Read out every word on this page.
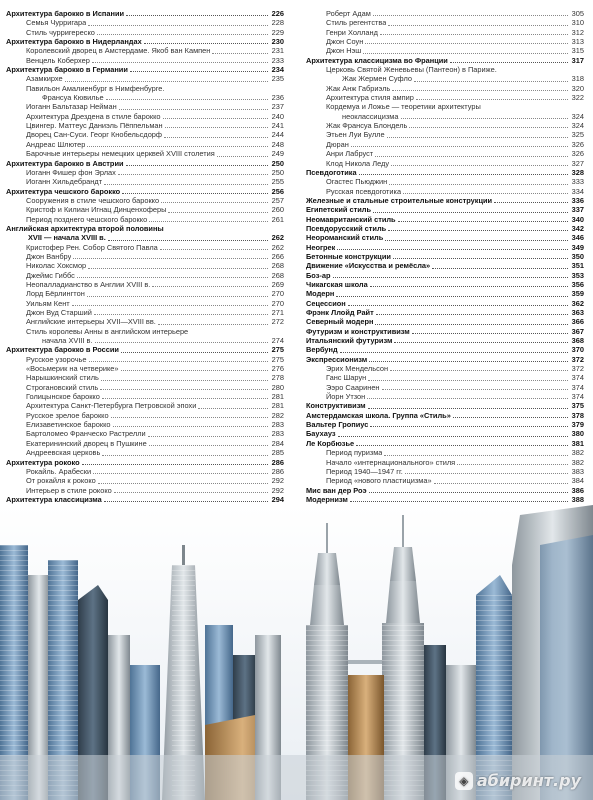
Архитектура барокко в Испании	226
Семья Чурригара	228
Стиль чурригереско	229
Архитектура барокко в Нидерландах	230
Королевский дворец в Амстердаме. Якоб ван Кампен	231
Венцель Коберхер	233
Архитектура барокко в Германии	234
Азамкирхе	235
Павильон Амалиенбург в Нимфенбурге.
Франсуа Кювилье	236
Иоганн Бальтазар Нейман	237
Архитектура Дрездена в стиле барокко	240
Цвингер. Маттеус Даниэль Пёппельман	241
Дворец Сан-Суси. Георг Кнобельсдорф	244
Андреас Шлютер	248
Барочные интерьеры немецких церквей XVIII столетия	249
Архитектура барокко в Австрии	250
Иоганн Фишер фон Эрлах	250
Иоганн Хильдебрандт	255
Архитектура чешского барокко	256
Сооружения в стиле чешского барокко	257
Кристоф и Килиан Игнац Динценхоферы	260
Период позднего чешского барокко	261
Английская архитектура второй половины
XVII — начала XVIII в.	262
Кристофер Рен. Собор Святого Павла	262
Джон Ванбру	266
Николас Хоксмор	268
Джеймс Гиббс	268
Неопалладианство в Англии XVIII в.	269
Лорд Бёрлингтон	270
Уильям Кент	270
Джон Вуд Старший	271
Английские интерьеры XVII—XVIII вв.	272
Стиль королевы Анны в английском интерьере
начала XVIII в.	274
Архитектура барокко в России	275
Русское узорочье	275
«Восьмерик на четверике»	276
Нарышкинский стиль	278
Строгановский стиль	280
Голицынское барокко	281
Архитектура Санкт-Петербурга Петровской эпохи	281
Русское зрелое барокко	282
Елизаветинское барокко	283
Бартоломео Франческо Растрелли	283
Екатерининский дворец в Пушкине	284
Андреевская церковь	285
Архитектура рококо	286
Рокайль. Арабески	286
От рокайля к рококо	292
Интерьер в стиле рококо	292
Архитектура классицизма	294
Роберт Адам	305
Стиль регентства	310
Генри Холланд	312
Джон Соун	313
Джон Нэш	315
Архитектура классицизма во Франции	317
Церковь Святой Женевьевы (Пантеон) в Париже.
Жак Жермен Суфло	318
Жак Анж Габриэль	320
Архитектура стиля ампир	322
Кордемуа и Ложье — теоретики архитектуры
неоклассицизма	324
Жак Франсуа Блондель	324
Этьен Луи Булле	325
Дюран	326
Анри Лабруст	326
Клод Никола Леду	327
Псевдоготика	328
Огастес Пьюджин	333
Русская псевдоготика	334
Железные и стальные строительные конструкции	336
Египетский стиль	337
Неомавританский стиль	340
Псевдорусский стиль	342
Неороманский стиль	346
Неогрек	349
Бетонные конструкции	350
Движение «Искусства и ремёсла»	351
Боз-ар	353
Чикагская школа	356
Модерн	359
Сецессион	362
Фрэнк Ллойд Райт	363
Северный модерн	366
Футуризм и конструктивизм	367
Итальянский футуризм	368
Вербунд	370
Экспрессионизм	372
Эрих Мендельсон	372
Ганс Шарун	374
Ээро Сааринен	374
Йорн Утзон	374
Конструктивизм	375
Амстердамская школа. Группа «Стиль»	378
Вальтер Гропиус	379
Баухауз	380
Ле Корбюзье	381
Период пуризма	382
Начало «интернационального» стиля	382
Период 1940—1947 гг.	383
Период «нового пластицизма»	384
Мис ван дер Роэ	386
Модернизм	388
◈ абиринт.ру
